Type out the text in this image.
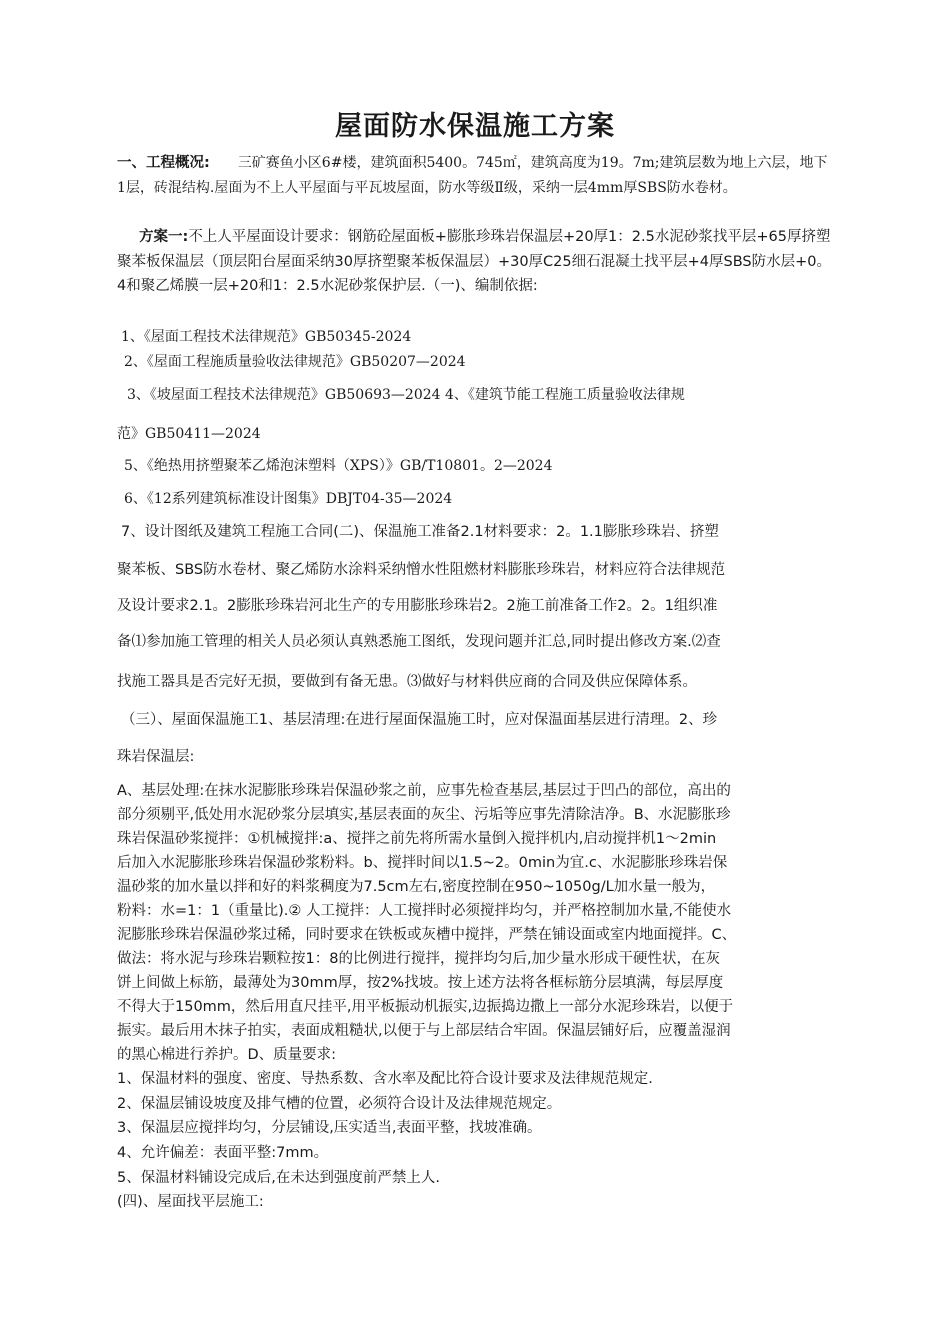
屋面防水保温施工方案
一、工程概况: 三矿赛鱼小区6#楼，建筑面积5400。745㎡，建筑高度为19。7m;建筑层数为地上六层，地下1层，砖混结构.屋面为不上人平屋面与平瓦坡屋面，防水等级Ⅱ级，采纳一层4mm厚SBS防水卷材。
方案一:不上人平屋面设计要求：钢筋砼屋面板+膨胀珍珠岩保温层+20厚1：2.5水泥砂浆找平层+65厚挤塑聚苯板保温层（顶层阳台屋面采纳30厚挤塑聚苯板保温层）+30厚C25细石混凝土找平层+4厚SBS防水层+0。4和聚乙烯膜一层+20和1：2.5水泥砂浆保护层.（一)、编制依据:
1、《屋面工程技术法律规范》GB50345-2024
2、《屋面工程施质量验收法律规范》GB50207—2024
3、《坡屋面工程技术法律规范》GB50693—2024 4、《建筑节能工程施工质量验收法律规
范》GB50411—2024
5、《绝热用挤塑聚苯乙烯泡沫塑料（XPS）》GB/T10801。2—2024
6、《12系列建筑标准设计图集》DBJT04-35—2024
7、设计图纸及建筑工程施工合同(二)、保温施工准备2.1材料要求：2。1.1膨胀珍珠岩、挤塑
聚苯板、SBS防水卷材、聚乙烯防水涂料采纳憎水性阻燃材料膨胀珍珠岩，材料应符合法律规范
及设计要求2.1。2膨胀珍珠岩河北生产的专用膨胀珍珠岩2。2施工前准备工作2。2。1组织准
备⑴参加施工管理的相关人员必须认真熟悉施工图纸，发现问题并汇总,同时提出修改方案.⑵查
找施工器具是否完好无损，要做到有备无患。⑶做好与材料供应商的合同及供应保障体系。
（三）、屋面保温施工1、基层清理:在进行屋面保温施工时，应对保温面基层进行清理。2、珍
珠岩保温层:
A、基层处理:在抹水泥膨胀珍珠岩保温砂浆之前，应事先检查基层,基层过于凹凸的部位，高出的
部分须剔平,低处用水泥砂浆分层填实,基层表面的灰尘、污垢等应事先清除洁净。B、水泥膨胀珍
珠岩保温砂浆搅拌：①机械搅拌:a、搅拌之前先将所需水量倒入搅拌机内,启动搅拌机1～2min
后加入水泥膨胀珍珠岩保温砂浆粉料。b、搅拌时间以1.5~2。0min为宜.c、水泥膨胀珍珠岩保
温砂浆的加水量以拌和好的料浆稠度为7.5cm左右,密度控制在950~1050g/L加水量一般为，
粉料：水=1：1（重量比).② 人工搅拌：人工搅拌时必须搅拌均匀，并严格控制加水量,不能使水
泥膨胀珍珠岩保温砂浆过稀，同时要求在铁板或灰槽中搅拌，严禁在铺设面或室内地面搅拌。C、
做法：将水泥与珍珠岩颗粒按1：8的比例进行搅拌，搅拌均匀后,加少量水形成干硬性状，在灰
饼上间做上标筋，最薄处为30mm厚，按2%找坡。按上述方法将各框标筋分层填满，每层厚度
不得大于150mm，然后用直尺挂平,用平板振动机振实,边振捣边撒上一部分水泥珍珠岩，以便于
振实。最后用木抹子拍实，表面成粗糙状,以便于与上部层结合牢固。保温层铺好后，应覆盖湿润
的黑心棉进行养护。D、质量要求:
1、保温材料的强度、密度、导热系数、含水率及配比符合设计要求及法律规范规定.
2、保温层铺设坡度及排气槽的位置，必须符合设计及法律规范规定。
3、保温层应搅拌均匀，分层铺设,压实适当,表面平整，找坡准确。
4、允许偏差：表面平整:7mm。
5、保温材料铺设完成后,在未达到强度前严禁上人.
(四)、屋面找平层施工:
